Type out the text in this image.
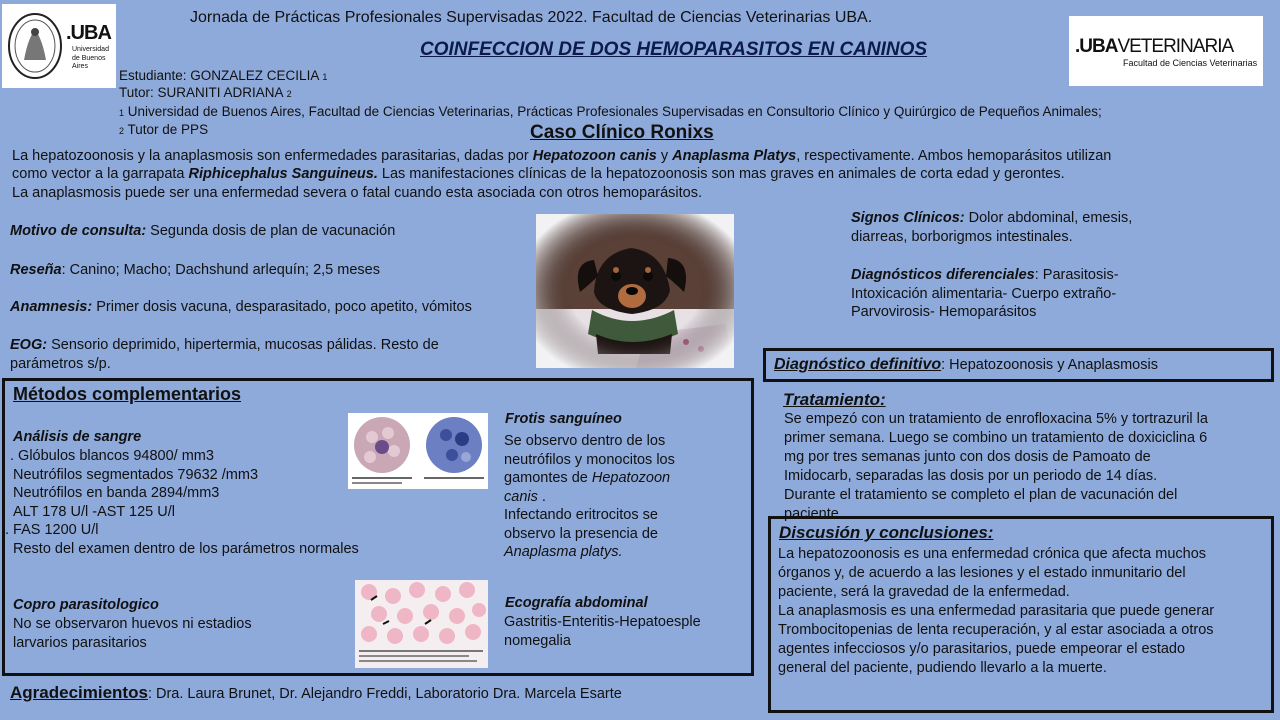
.UBA
Universidad
de Buenos Aires
.UBAVETERINARIA
Facultad de Ciencias Veterinarias
Jornada de Prácticas Profesionales Supervisadas 2022. Facultad de Ciencias Veterinarias UBA.
COINFECCION DE DOS HEMOPARASITOS EN CANINOS
Estudiante: GONZALEZ CECILIA 1
Tutor: SURANITI ADRIANA 2
1 Universidad de Buenos Aires, Facultad de Ciencias Veterinarias, Prácticas Profesionales Supervisadas en Consultorio Clínico y Quirúrgico de Pequeños Animales;
2 Tutor de PPS	Caso Clínico Ronixs
La hepatozoonosis y la anaplasmosis son enfermedades parasitarias, dadas por Hepatozoon canis y Anaplasma Platys, respectivamente. Ambos hemoparásitos utilizan
como vector a la garrapata Riphicephalus Sanguineus. Las manifestaciones clínicas de la hepatozoonosis son mas graves en animales de corta edad y gerontes.
La anaplasmosis puede ser una enfermedad severa o fatal cuando esta asociada con otros hemoparásitos.
Motivo de consulta: Segunda dosis de plan de vacunación
Reseña: Canino; Macho; Dachshund arlequín; 2,5 meses
Anamnesis: Primer dosis vacuna, desparasitado, poco apetito, vómitos
EOG: Sensorio deprimido, hipertermia, mucosas pálidas. Resto de
parámetros s/p.
Signos Clínicos: Dolor abdominal, emesis,
diarreas, borborigmos intestinales.
Diagnósticos diferenciales: Parasitosis-
Intoxicación alimentaria- Cuerpo extraño-
Parvovirosis- Hemoparásitos
Métodos complementarios
Análisis de sangre
. Glóbulos blancos 94800/ mm3
Neutrófilos segmentados 79632 /mm3
Neutrófilos en banda 2894/mm3
ALT 178 U/l -AST 125 U/l
. FAS 1200 U/l
Resto del examen dentro de los parámetros normales
Frotis sanguíneo
Se observo dentro de los
neutrófilos y monocitos los
gamontes de Hepatozoon
canis .
Infectando eritrocitos se
observo la presencia de
Anaplasma platys.
Copro parasitologico
No se observaron huevos ni estadios
larvarios parasitarios
Ecografía abdominal
Gastritis-Enteritis-Hepatoesple
nomegalia
Diagnóstico definitivo: Hepatozoonosis y Anaplasmosis
Tratamiento:
Se empezó con un tratamiento de enrofloxacina 5% y tortrazuril la
primer semana. Luego se combino un tratamiento de doxiciclina 6
mg por tres semanas junto con dos dosis de Pamoato de
Imidocarb, separadas las dosis por un periodo de 14 días.
Durante el tratamiento se completo el plan de vacunación del
paciente.
Discusión y conclusiones:
La hepatozoonosis es una enfermedad crónica que afecta muchos
órganos y, de acuerdo a las lesiones y el estado inmunitario del
paciente, será la gravedad de la enfermedad.
La anaplasmosis es una enfermedad parasitaria que puede generar
Trombocitopenias de lenta recuperación, y al estar asociada a otros
agentes infecciosos y/o parasitarios, puede empeorar el estado
general del paciente, pudiendo llevarlo a la muerte.
Agradecimientos: Dra. Laura Brunet, Dr. Alejandro Freddi, Laboratorio Dra. Marcela Esarte
